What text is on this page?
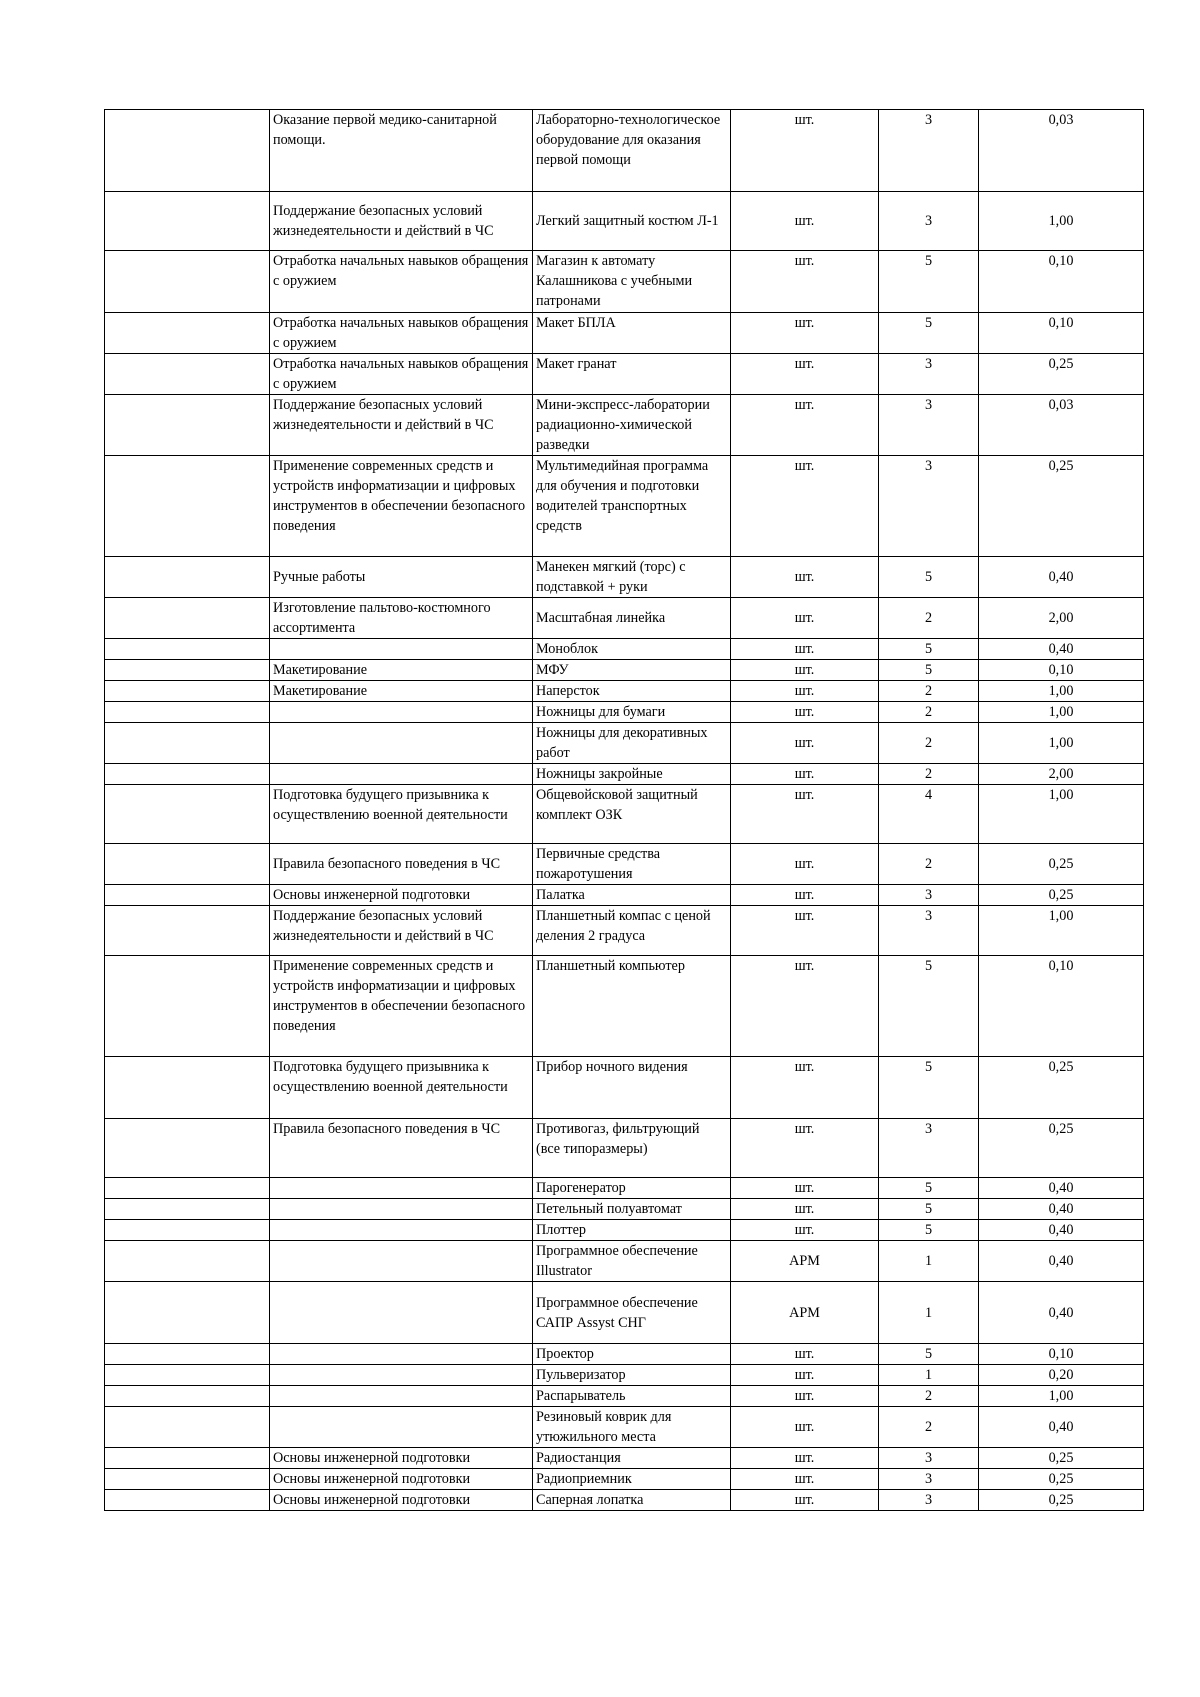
	Оказание первой медико-санитарной помощи.	Лабораторно-технологическое оборудование для оказания первой помощи	шт.	3	0,03
	Поддержание безопасных условий жизнедеятельности и действий в ЧС	Легкий защитный костюм Л-1	шт.	3	1,00
	Отработка начальных навыков обращения с оружием	Магазин к автомату Калашникова с учебными патронами	шт.	5	0,10
	Отработка начальных навыков обращения с оружием	Макет БПЛА	шт.	5	0,10
	Отработка начальных навыков обращения с оружием	Макет гранат	шт.	3	0,25
	Поддержание безопасных условий жизнедеятельности и действий в ЧС	Мини-экспресс-лаборатории радиационно-химической разведки	шт.	3	0,03
	Применение современных средств и устройств информатизации и цифровых инструментов в обеспечении безопасного поведения	Мультимедийная программа для обучения и подготовки водителей транспортных средств	шт.	3	0,25
	Ручные работы	Манекен мягкий (торс) с подставкой + руки	шт.	5	0,40
	Изготовление пальтово-костюмного ассортимента	Масштабная линейка	шт.	2	2,00
		Моноблок	шт.	5	0,40
	Макетирование	МФУ	шт.	5	0,10
	Макетирование	Наперсток	шт.	2	1,00
		Ножницы для бумаги	шт.	2	1,00
		Ножницы для декоративных работ	шт.	2	1,00
		Ножницы закройные	шт.	2	2,00
	Подготовка будущего призывника к осуществлению военной деятельности	Общевойсковой защитный комплект ОЗК	шт.	4	1,00
	Правила безопасного поведения в ЧС	Первичные средства пожаротушения	шт.	2	0,25
	Основы инженерной подготовки	Палатка	шт.	3	0,25
	Поддержание безопасных условий жизнедеятельности и действий в ЧС	Планшетный компас с ценой деления 2 градуса	шт.	3	1,00
	Применение современных средств и устройств информатизации и цифровых инструментов в обеспечении безопасного поведения	Планшетный компьютер	шт.	5	0,10
	Подготовка будущего призывника к осуществлению военной деятельности	Прибор ночного видения	шт.	5	0,25
	Правила безопасного поведения в ЧС	Противогаз, фильтрующий (все типоразмеры)	шт.	3	0,25
		Парогенератор	шт.	5	0,40
		Петельный полуавтомат	шт.	5	0,40
		Плоттер	шт.	5	0,40
		Программное обеспечение Illustrator	АРМ	1	0,40
		Программное обеспечение САПР Assyst СНГ	АРМ	1	0,40
		Проектор	шт.	5	0,10
		Пульверизатор	шт.	1	0,20
		Распарыватель	шт.	2	1,00
		Резиновый коврик для утюжильного места	шт.	2	0,40
	Основы инженерной подготовки	Радиостанция	шт.	3	0,25
	Основы инженерной подготовки	Радиоприемник	шт.	3	0,25
	Основы инженерной подготовки	Саперная лопатка	шт.	3	0,25
